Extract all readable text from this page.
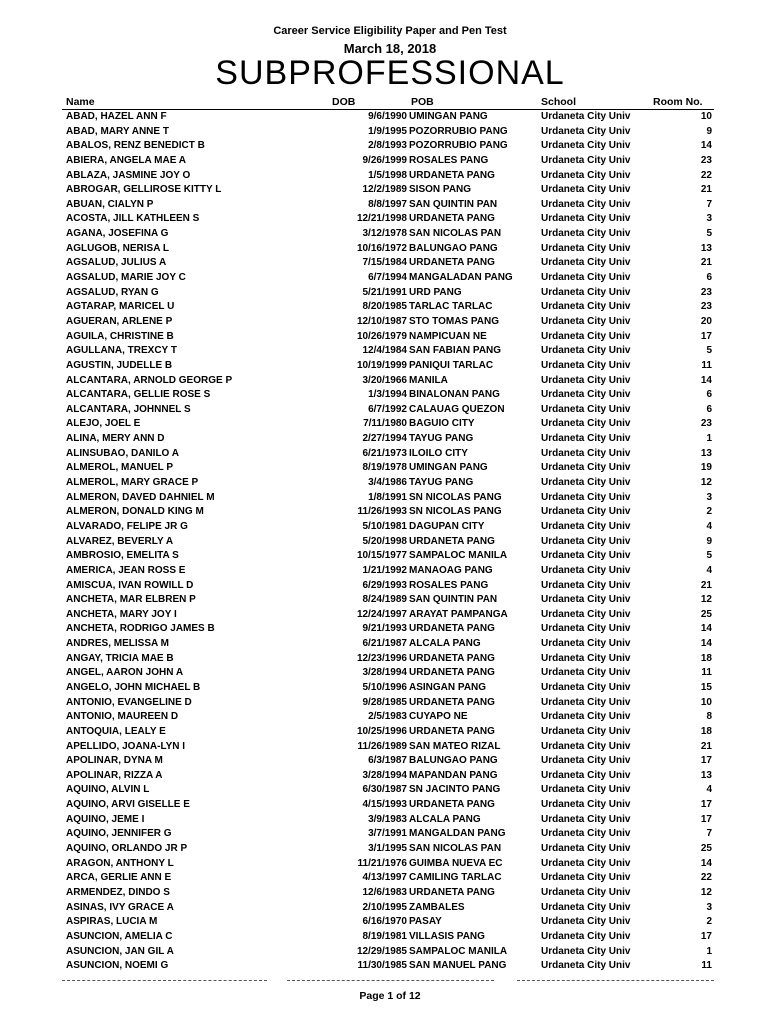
Career Service Eligibility Paper and Pen Test
March 18, 2018
SUBPROFESSIONAL
Name	DOB	POB	School	Room No.
ABAD, HAZEL ANN F	9/6/1990 UMINGAN PANG	Urdaneta City Univ	10
ABAD, MARY ANNE T	1/9/1995 POZORRUBIO PANG	Urdaneta City Univ	9
ABALOS, RENZ BENEDICT B	2/8/1993 POZORRUBIO PANG	Urdaneta City Univ	14
ABIERA, ANGELA MAE A	9/26/1999 ROSALES PANG	Urdaneta City Univ	23
ABLAZA, JASMINE JOY O	1/5/1998 URDANETA PANG	Urdaneta City Univ	22
ABROGAR, GELLIROSE KITTY L	12/2/1989 SISON PANG	Urdaneta City Univ	21
ABUAN, CIALYN P	8/8/1997 SAN QUINTIN PAN	Urdaneta City Univ	7
ACOSTA, JILL KATHLEEN S	12/21/1998 URDANETA PANG	Urdaneta City Univ	3
AGANA, JOSEFINA G	3/12/1978 SAN NICOLAS PAN	Urdaneta City Univ	5
AGLUGOB, NERISA L	10/16/1972 BALUNGAO PANG	Urdaneta City Univ	13
AGSALUD, JULIUS A	7/15/1984 URDANETA PANG	Urdaneta City Univ	21
AGSALUD, MARIE JOY C	6/7/1994 MANGALADAN PANG	Urdaneta City Univ	6
AGSALUD, RYAN G	5/21/1991 URD PANG	Urdaneta City Univ	23
AGTARAP, MARICEL U	8/20/1985 TARLAC TARLAC	Urdaneta City Univ	23
AGUERAN, ARLENE P	12/10/1987 STO TOMAS PANG	Urdaneta City Univ	20
AGUILA, CHRISTINE B	10/26/1979 NAMPICUAN NE	Urdaneta City Univ	17
AGULLANA, TREXCY T	12/4/1984 SAN FABIAN PANG	Urdaneta City Univ	5
AGUSTIN, JUDELLE B	10/19/1999 PANIQUI TARLAC	Urdaneta City Univ	11
ALCANTARA, ARNOLD GEORGE P	3/20/1966 MANILA	Urdaneta City Univ	14
ALCANTARA, GELLIE ROSE S	1/3/1994 BINALONAN PANG	Urdaneta City Univ	6
ALCANTARA, JOHNNEL S	6/7/1992 CALAUAG QUEZON	Urdaneta City Univ	6
ALEJO, JOEL E	7/11/1980 BAGUIO CITY	Urdaneta City Univ	23
ALINA, MERY ANN D	2/27/1994 TAYUG PANG	Urdaneta City Univ	1
ALINSUBAO, DANILO A	6/21/1973 ILOILO CITY	Urdaneta City Univ	13
ALMEROL, MANUEL P	8/19/1978 UMINGAN PANG	Urdaneta City Univ	19
ALMEROL, MARY GRACE P	3/4/1986 TAYUG PANG	Urdaneta City Univ	12
ALMERON, DAVED DAHNIEL M	1/8/1991 SN NICOLAS PANG	Urdaneta City Univ	3
ALMERON, DONALD KING M	11/26/1993 SN NICOLAS PANG	Urdaneta City Univ	2
ALVARADO, FELIPE JR G	5/10/1981 DAGUPAN CITY	Urdaneta City Univ	4
ALVAREZ, BEVERLY A	5/20/1998 URDANETA PANG	Urdaneta City Univ	9
AMBROSIO, EMELITA S	10/15/1977 SAMPALOC MANILA	Urdaneta City Univ	5
AMERICA, JEAN ROSS E	1/21/1992 MANAOAG PANG	Urdaneta City Univ	4
AMISCUA, IVAN ROWILL D	6/29/1993 ROSALES PANG	Urdaneta City Univ	21
ANCHETA, MAR ELBREN P	8/24/1989 SAN QUINTIN PAN	Urdaneta City Univ	12
ANCHETA, MARY JOY I	12/24/1997 ARAYAT PAMPANGA	Urdaneta City Univ	25
ANCHETA, RODRIGO JAMES B	9/21/1993 URDANETA PANG	Urdaneta City Univ	14
ANDRES, MELISSA M	6/21/1987 ALCALA PANG	Urdaneta City Univ	14
ANGAY, TRICIA MAE B	12/23/1996 URDANETA PANG	Urdaneta City Univ	18
ANGEL, AARON JOHN A	3/28/1994 URDANETA PANG	Urdaneta City Univ	11
ANGELO, JOHN MICHAEL B	5/10/1996 ASINGAN PANG	Urdaneta City Univ	15
ANTONIO, EVANGELINE D	9/28/1985 URDANETA PANG	Urdaneta City Univ	10
ANTONIO, MAUREEN D	2/5/1983 CUYAPO NE	Urdaneta City Univ	8
ANTOQUIA, LEALY E	10/25/1996 URDANETA PANG	Urdaneta City Univ	18
APELLIDO, JOANA-LYN I	11/26/1989 SAN MATEO RIZAL	Urdaneta City Univ	21
APOLINAR, DYNA M	6/3/1987 BALUNGAO PANG	Urdaneta City Univ	17
APOLINAR, RIZZA A	3/28/1994 MAPANDAN PANG	Urdaneta City Univ	13
AQUINO, ALVIN L	6/30/1987 SN JACINTO PANG	Urdaneta City Univ	4
AQUINO, ARVI GISELLE E	4/15/1993 URDANETA PANG	Urdaneta City Univ	17
AQUINO, JEME I	3/9/1983 ALCALA PANG	Urdaneta City Univ	17
AQUINO, JENNIFER G	3/7/1991 MANGALDAN PANG	Urdaneta City Univ	7
AQUINO, ORLANDO JR P	3/1/1995 SAN NICOLAS PAN	Urdaneta City Univ	25
ARAGON, ANTHONY L	11/21/1976 GUIMBA NUEVA EC	Urdaneta City Univ	14
ARCA, GERLIE ANN E	4/13/1997 CAMILING TARLAC	Urdaneta City Univ	22
ARMENDEZ, DINDO S	12/6/1983 URDANETA PANG	Urdaneta City Univ	12
ASINAS, IVY GRACE A	2/10/1995 ZAMBALES	Urdaneta City Univ	3
ASPIRAS, LUCIA M	6/16/1970 PASAY	Urdaneta City Univ	2
ASUNCION, AMELIA C	8/19/1981 VILLASIS PANG	Urdaneta City Univ	17
ASUNCION, JAN GIL A	12/29/1985 SAMPALOC MANILA	Urdaneta City Univ	1
ASUNCION, NOEMI G	11/30/1985 SAN MANUEL PANG	Urdaneta City Univ	11
Page 1 of 12
